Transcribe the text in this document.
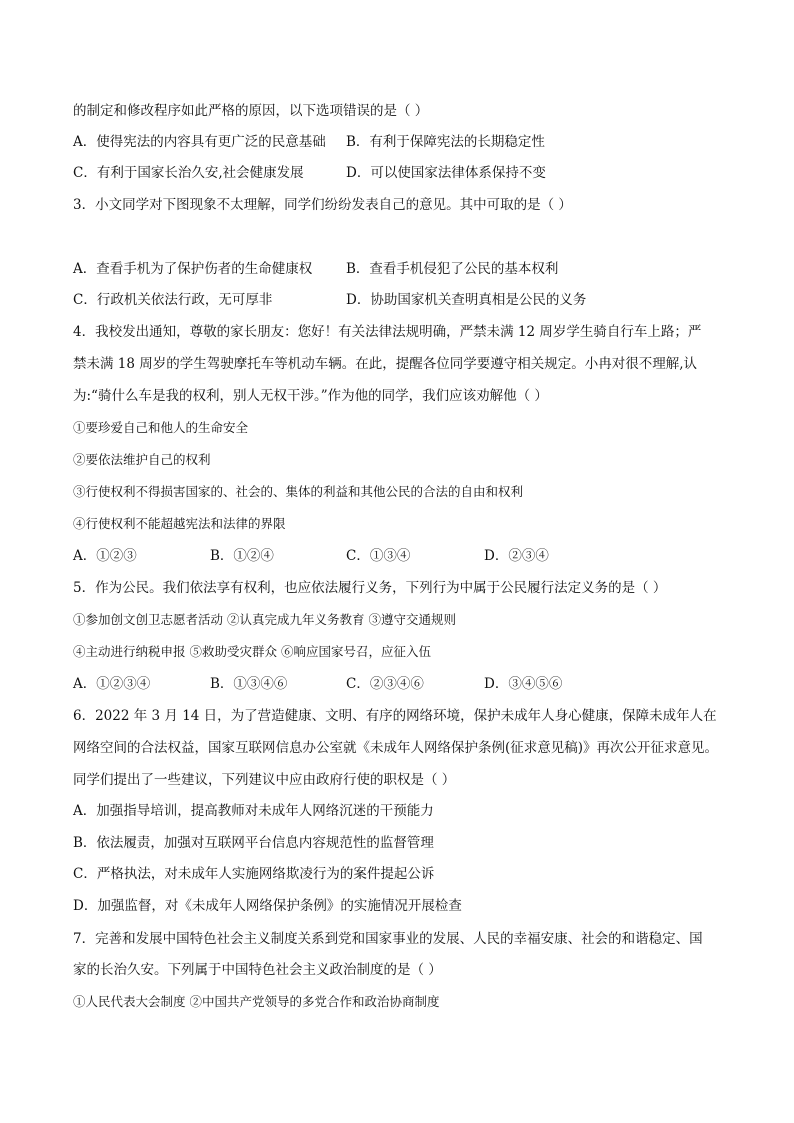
的制定和修改程序如此严格的原因，以下选项错误的是（ ）
A．使得宪法的内容具有更广泛的民意基础 B．有利于保障宪法的长期稳定性
C．有利于国家长治久安,社会健康发展	D．可以使国家法律体系保持不变
3．小文同学对下图现象不太理解，同学们纷纷发表自己的意见。其中可取的是（ ）
A．查看手机为了保护伤者的生命健康权	B．查看手机侵犯了公民的基本权利
C．行政机关依法行政，无可厚非	D．协助国家机关查明真相是公民的义务
4．我校发出通知，尊敬的家长朋友：您好！有关法律法规明确，严禁未满 12 周岁学生骑自行车上路；严
禁未满 18 周岁的学生驾驶摩托车等机动车辆。在此，提醒各位同学要遵守相关规定。小冉对很不理解,认
为:“骑什么车是我的权利，别人无权干涉。”作为他的同学，我们应该劝解他（ ）
①要珍爱自己和他人的生命安全
②要依法维护自己的权利
③行使权利不得损害国家的、社会的、集体的利益和其他公民的合法的自由和权利
④行使权利不能超越宪法和法律的界限
A．①②③	B．①②④	C．①③④	D．②③④
5．作为公民。我们依法享有权利，也应依法履行义务，下列行为中属于公民履行法定义务的是（ ）
①参加创文创卫志愿者活动 ②认真完成九年义务教育 ③遵守交通规则
④主动进行纳税申报 ⑤救助受灾群众 ⑥响应国家号召，应征入伍
A．①②③④	B．①③④⑥	C．②③④⑥	D．③④⑤⑥
6．2022 年 3 月 14 日，为了营造健康、文明、有序的网络环境，保护未成年人身心健康，保障未成年人在
网络空间的合法权益，国家互联网信息办公室就《未成年人网络保护条例(征求意见稿)》再次公开征求意见。
同学们提出了一些建议，下列建议中应由政府行使的职权是（ ）
A．加强指导培训，提高教师对未成年人网络沉迷的干预能力
B．依法履责，加强对互联网平台信息内容规范性的监督管理
C．严格执法，对未成年人实施网络欺凌行为的案件提起公诉
D．加强监督，对《未成年人网络保护条例》的实施情况开展检查
7．完善和发展中国特色社会主义制度关系到党和国家事业的发展、人民的幸福安康、社会的和谐稳定、国
家的长治久安。下列属于中国特色社会主义政治制度的是（ ）
①人民代表大会制度 ②中国共产党领导的多党合作和政治协商制度
